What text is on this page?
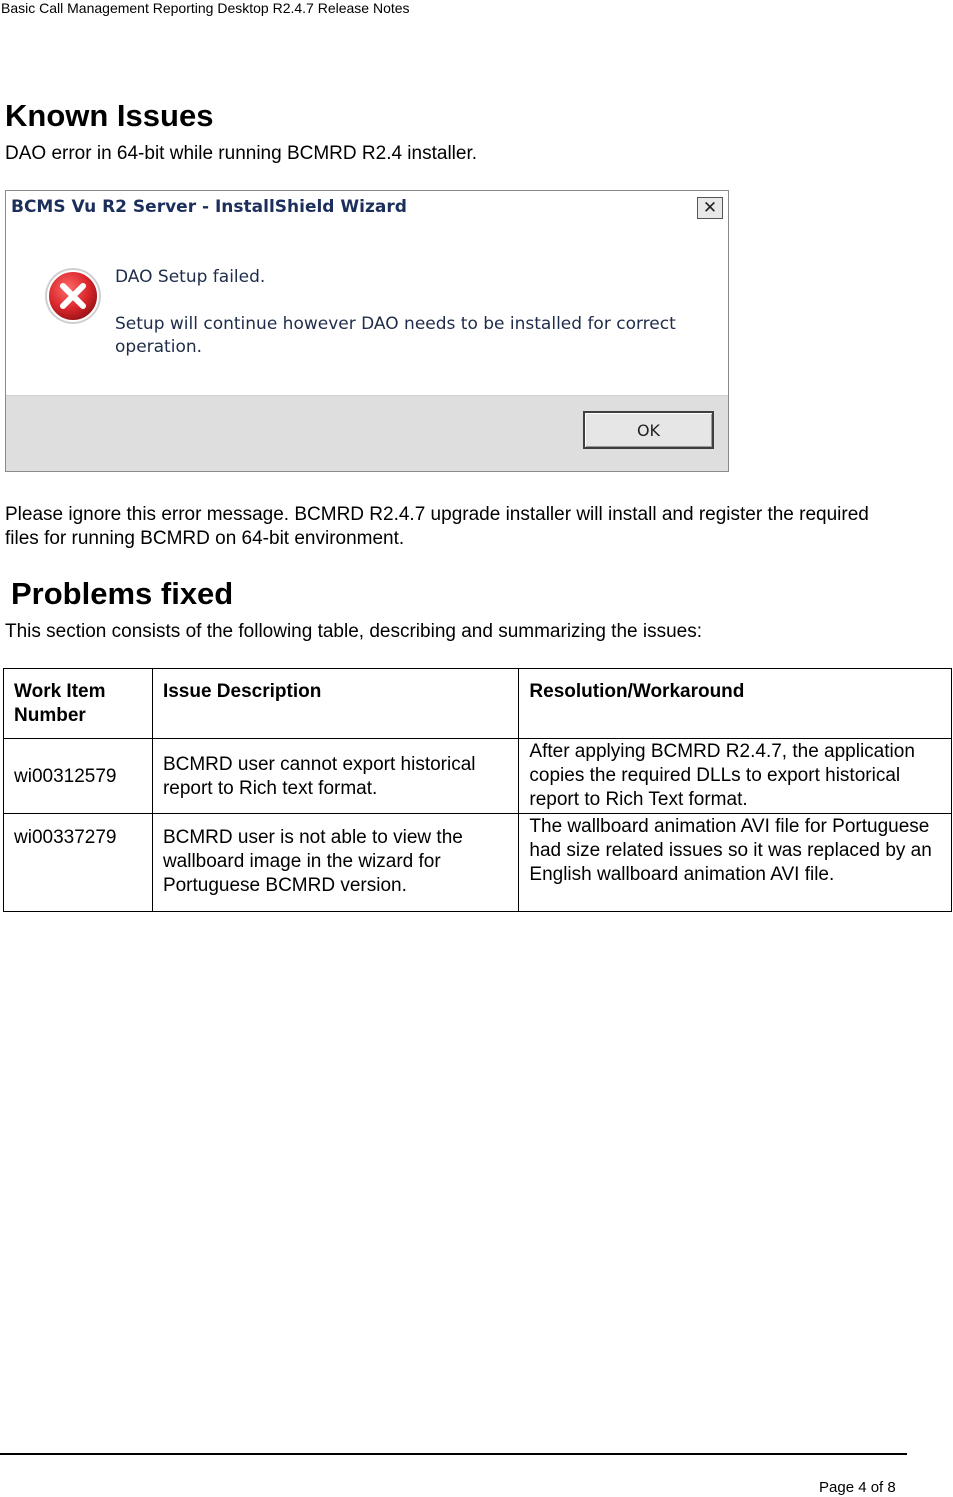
Basic Call Management Reporting Desktop R2.4.7 Release Notes
Known Issues
DAO error in 64-bit while running BCMRD R2.4 installer.
BCMS Vu R2 Server - InstallShield Wizard	✕
DAO Setup failed.
Setup will continue however DAO needs to be installed for correct operation.
OK
Please ignore this error message. BCMRD R2.4.7 upgrade installer will install and register the required files for running BCMRD on 64-bit environment.
Problems fixed
This section consists of the following table, describing and summarizing the issues:
Work Item Number	Issue Description	Resolution/Workaround
wi00312579	BCMRD user cannot export historical report to Rich text format.	After applying BCMRD R2.4.7, the application copies the required DLLs to export historical report to Rich Text format.
wi00337279	BCMRD user is not able to view the wallboard image in the wizard for Portuguese BCMRD version.	The wallboard animation AVI file for Portuguese had size related issues so it was replaced by an English wallboard animation AVI file.
Page 4 of 8
